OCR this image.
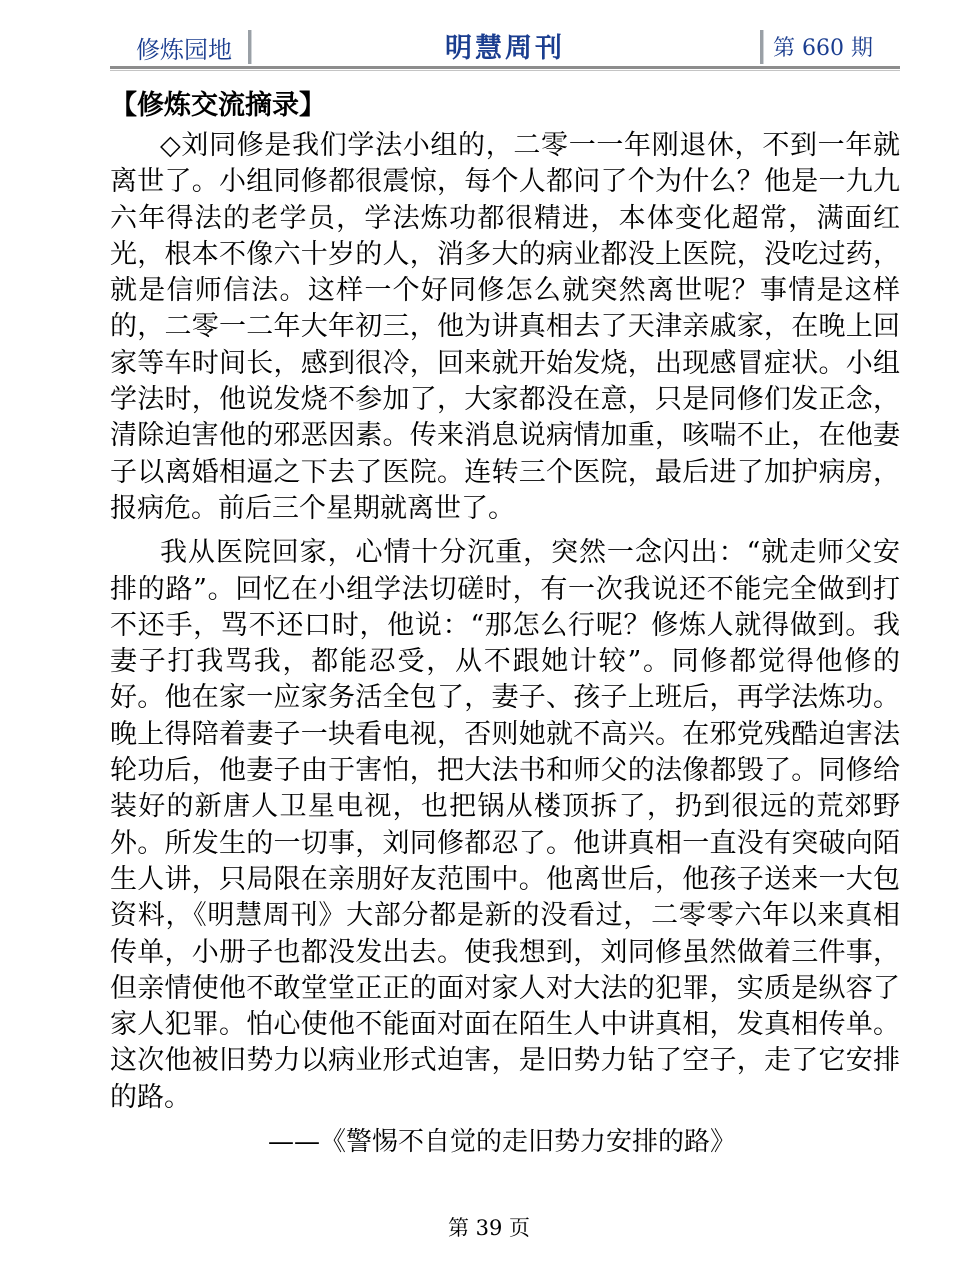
修炼园地	明慧周刊	第 660 期
【修炼交流摘录】

◇刘同修是我们学法小组的，二零一一年刚退休，不到一年就离世了。小组同修都很震惊，每个人都问了个为什么？他是一九九六年得法的老学员，学法炼功都很精进，本体变化超常，满面红光，根本不像六十岁的人，消多大的病业都没上医院，没吃过药，就是信师信法。这样一个好同修怎么就突然离世呢？事情是这样的，二零一二年大年初三，他为讲真相去了天津亲戚家，在晚上回家等车时间长，感到很冷，回来就开始发烧，出现感冒症状。小组学法时，他说发烧不参加了，大家都没在意，只是同修们发正念，清除迫害他的邪恶因素。传来消息说病情加重，咳喘不止，在他妻子以离婚相逼之下去了医院。连转三个医院，最后进了加护病房，报病危。前后三个星期就离世了。

我从医院回家，心情十分沉重，突然一念闪出：“就走师父安排的路”。回忆在小组学法切磋时，有一次我说还不能完全做到打不还手，骂不还口时，他说：“那怎么行呢？修炼人就得做到。我妻子打我骂我，都能忍受，从不跟她计较”。同修都觉得他修的好。他在家一应家务活全包了，妻子、孩子上班后，再学法炼功。晚上得陪着妻子一块看电视，否则她就不高兴。在邪党残酷迫害法轮功后，他妻子由于害怕，把大法书和师父的法像都毁了。同修给装好的新唐人卫星电视，也把锅从楼顶拆了，扔到很远的荒郊野外。所发生的一切事，刘同修都忍了。他讲真相一直没有突破向陌生人讲，只局限在亲朋好友范围中。他离世后，他孩子送来一大包资料，《明慧周刊》大部分都是新的没看过，二零零六年以来真相传单，小册子也都没发出去。使我想到，刘同修虽然做着三件事，但亲情使他不敢堂堂正正的面对家人对大法的犯罪，实质是纵容了家人犯罪。怕心使他不能面对面在陌生人中讲真相，发真相传单。这次他被旧势力以病业形式迫害，是旧势力钻了空子，走了它安排的路。

——《警惕不自觉的走旧势力安排的路》
第 39 页
